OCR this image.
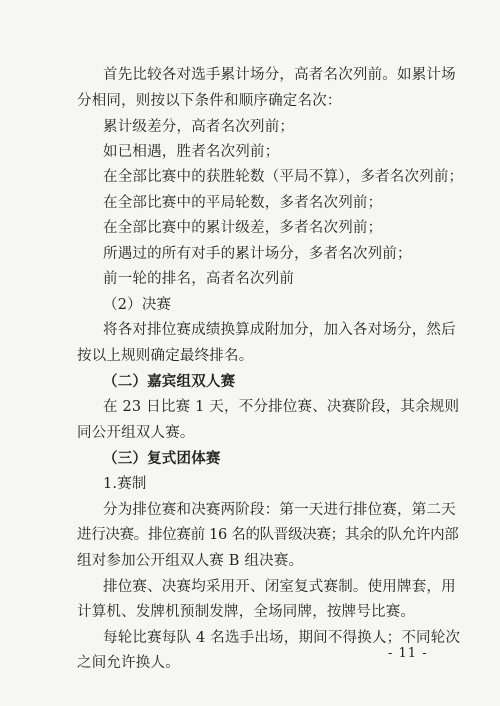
首先比较各对选手累计场分，高者名次列前。如累计场
分相同，则按以下条件和顺序确定名次：
累计级差分，高者名次列前；
如已相遇，胜者名次列前；
在全部比赛中的获胜轮数（平局不算），多者名次列前；
在全部比赛中的平局轮数，多者名次列前；
在全部比赛中的累计级差，多者名次列前；
所遇过的所有对手的累计场分，多者名次列前；
前一轮的排名，高者名次列前
（2）决赛
将各对排位赛成绩换算成附加分，加入各对场分，然后
按以上规则确定最终排名。
（二）嘉宾组双人赛
在 23 日比赛 1 天，不分排位赛、决赛阶段，其余规则
同公开组双人赛。
（三）复式团体赛
1.赛制
分为排位赛和决赛两阶段：第一天进行排位赛，第二天
进行决赛。排位赛前 16 名的队晋级决赛；其余的队允许内部
组对参加公开组双人赛 B 组决赛。
排位赛、决赛均采用开、闭室复式赛制。使用牌套，用
计算机、发牌机预制发牌，全场同牌，按牌号比赛。
每轮比赛每队 4 名选手出场，期间不得换人；不同轮次
之间允许换人。
- 11 -
